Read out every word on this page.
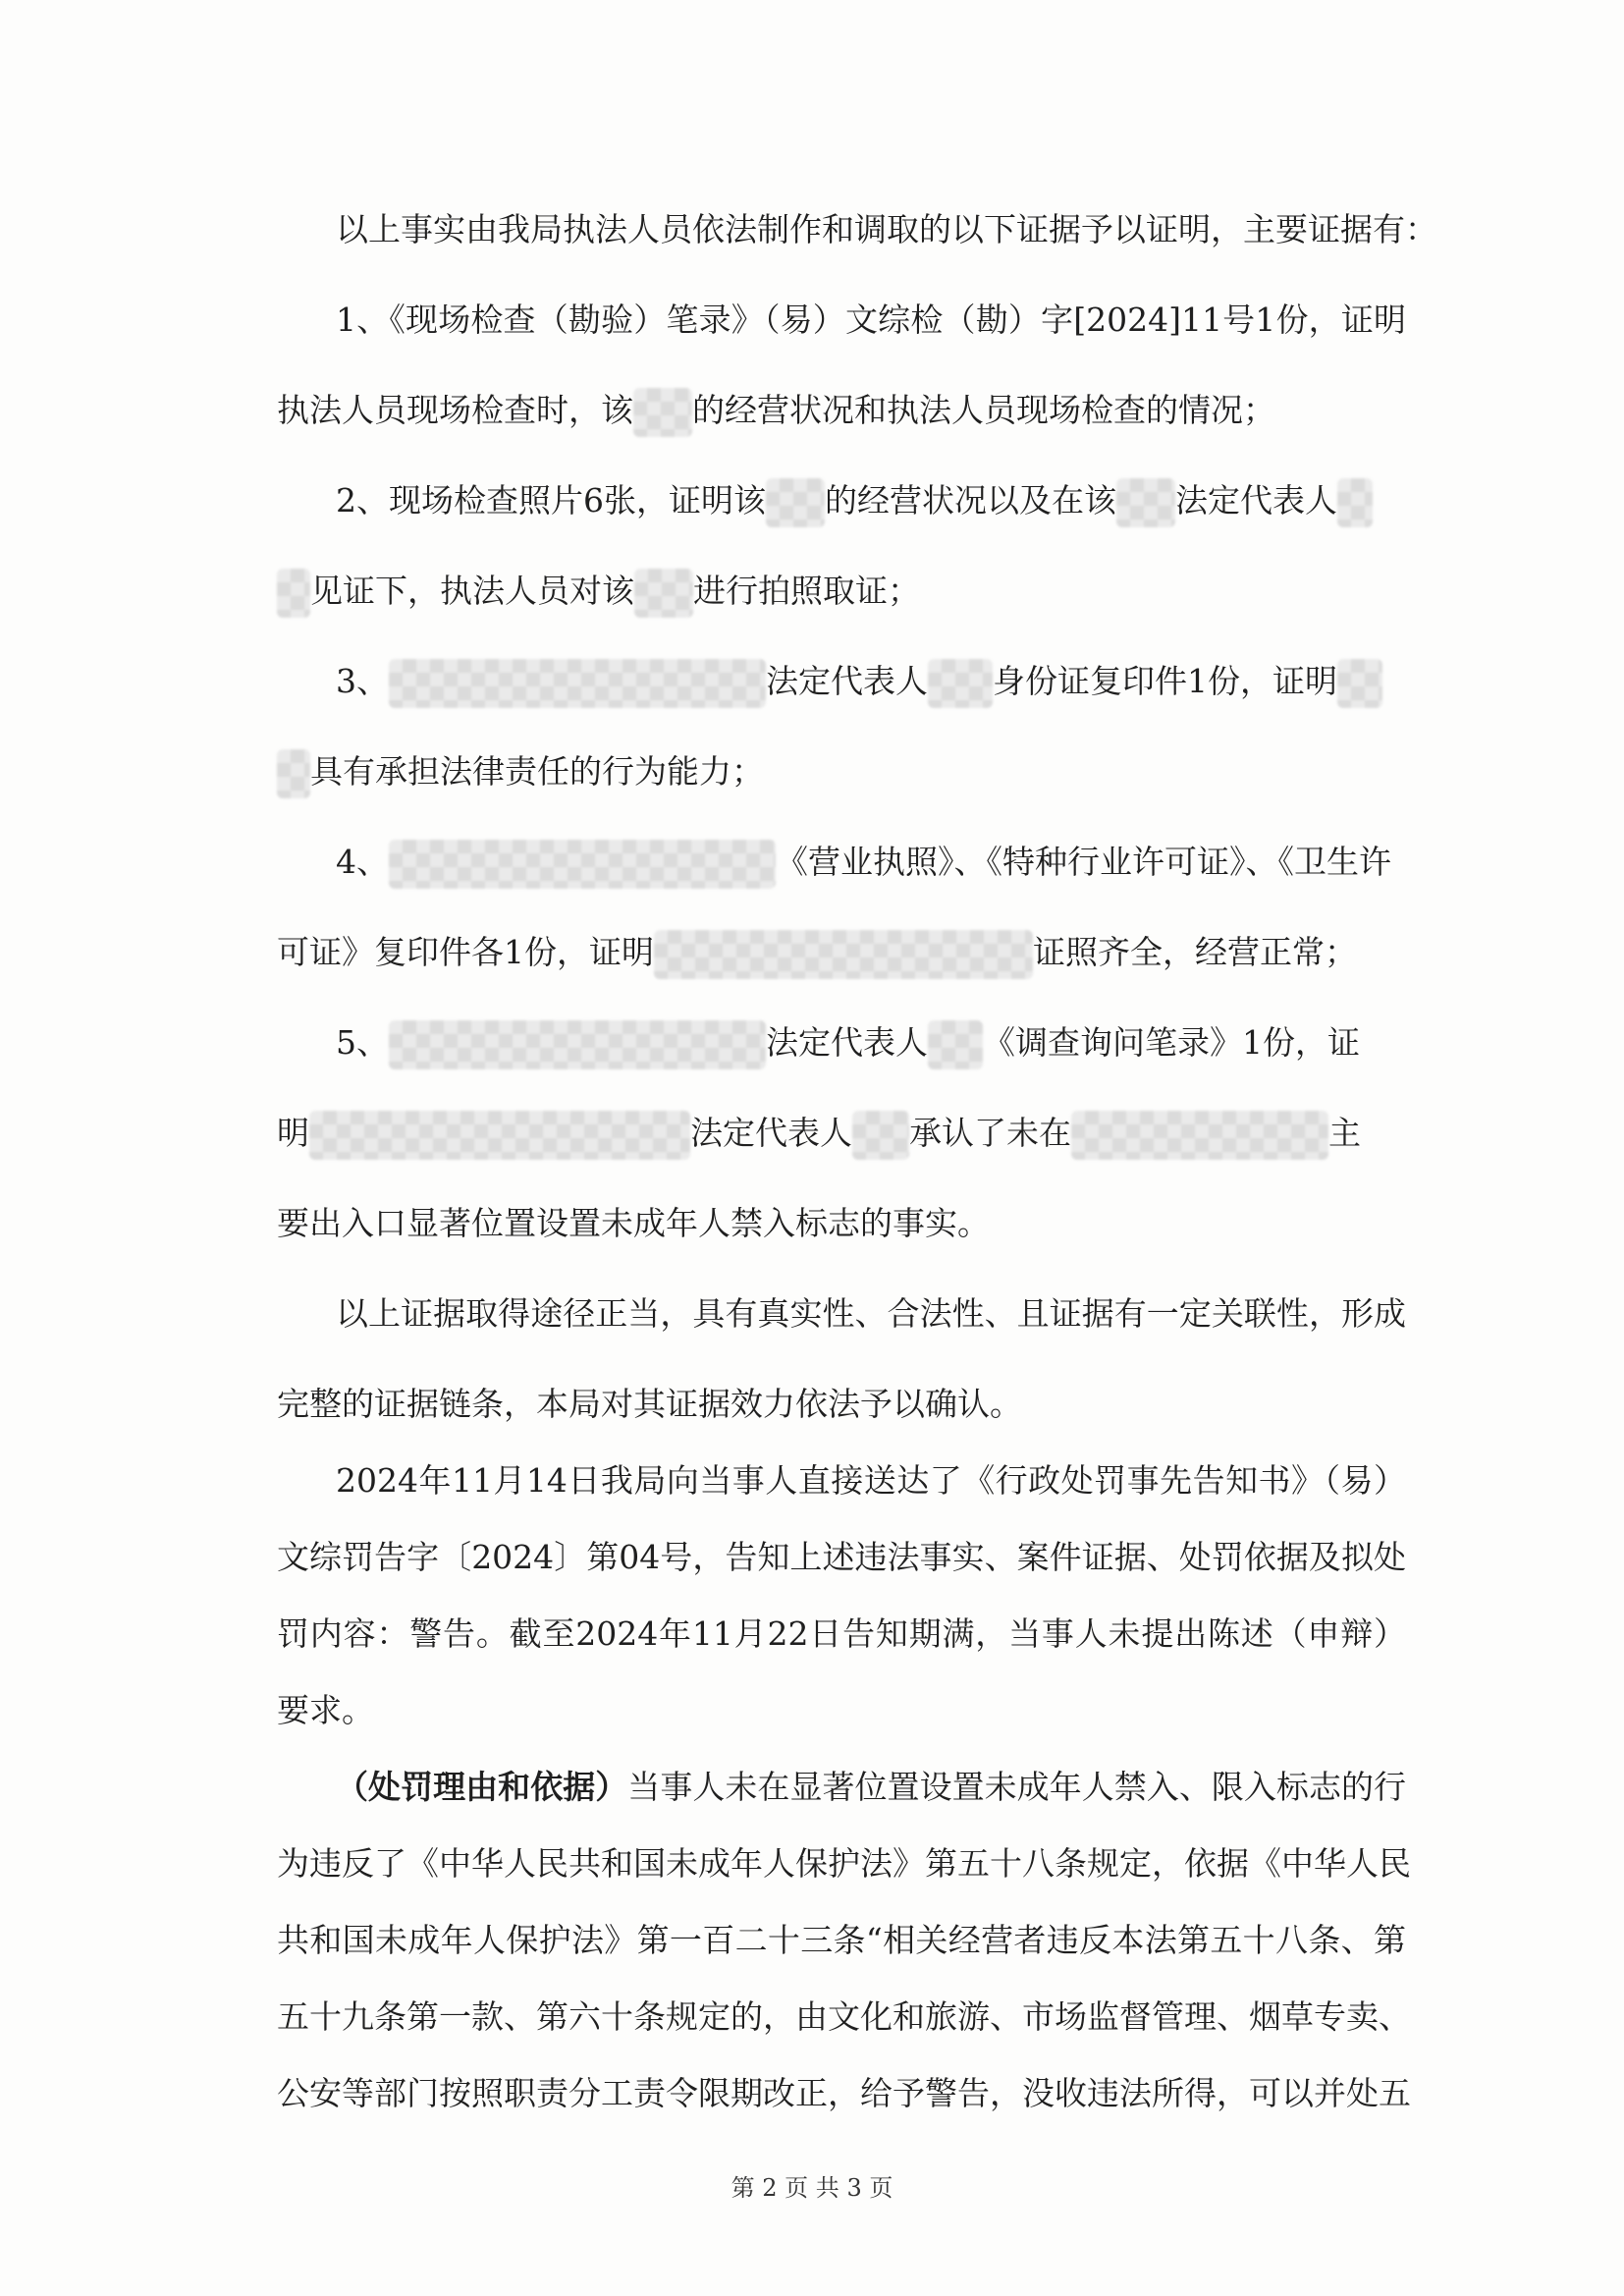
以上事实由我局执法人员依法制作和调取的以下证据予以证明，主要证据有：
1、《现场检查（勘验）笔录》（易）文综检（勘）字[2024]11号1份，证明
执法人员现场检查时，该 的经营状况和执法人员现场检查的情况；
2、现场检查照片6张，证明该 的经营状况以及在该 法定代表人
见证下，执法人员对该 进行拍照取证；
3、	法定代表人 身份证复印件1份，证明
具有承担法律责任的行为能力；
4、	《营业执照》、《特种行业许可证》、《卫生许
可证》复印件各1份，证明	证照齐全，经营正常；
5、	法定代表人 《调查询问笔录》1份，证
明	法定代表人 承认了未在	主
要出入口显著位置设置未成年人禁入标志的事实。
以上证据取得途径正当，具有真实性、合法性、且证据有一定关联性，形成
完整的证据链条，本局对其证据效力依法予以确认。
2024年11月14日我局向当事人直接送达了《行政处罚事先告知书》（易）
文综罚告字〔2024〕第04号，告知上述违法事实、案件证据、处罚依据及拟处
罚内容：警告。截至2024年11月22日告知期满，当事人未提出陈述（申辩）
要求。
（处罚理由和依据）当事人未在显著位置设置未成年人禁入、限入标志的行
为违反了《中华人民共和国未成年人保护法》第五十八条规定，依据《中华人民
共和国未成年人保护法》第一百二十三条“相关经营者违反本法第五十八条、第
五十九条第一款、第六十条规定的，由文化和旅游、市场监督管理、烟草专卖、
公安等部门按照职责分工责令限期改正，给予警告，没收违法所得，可以并处五
第 2 页 共 3 页
